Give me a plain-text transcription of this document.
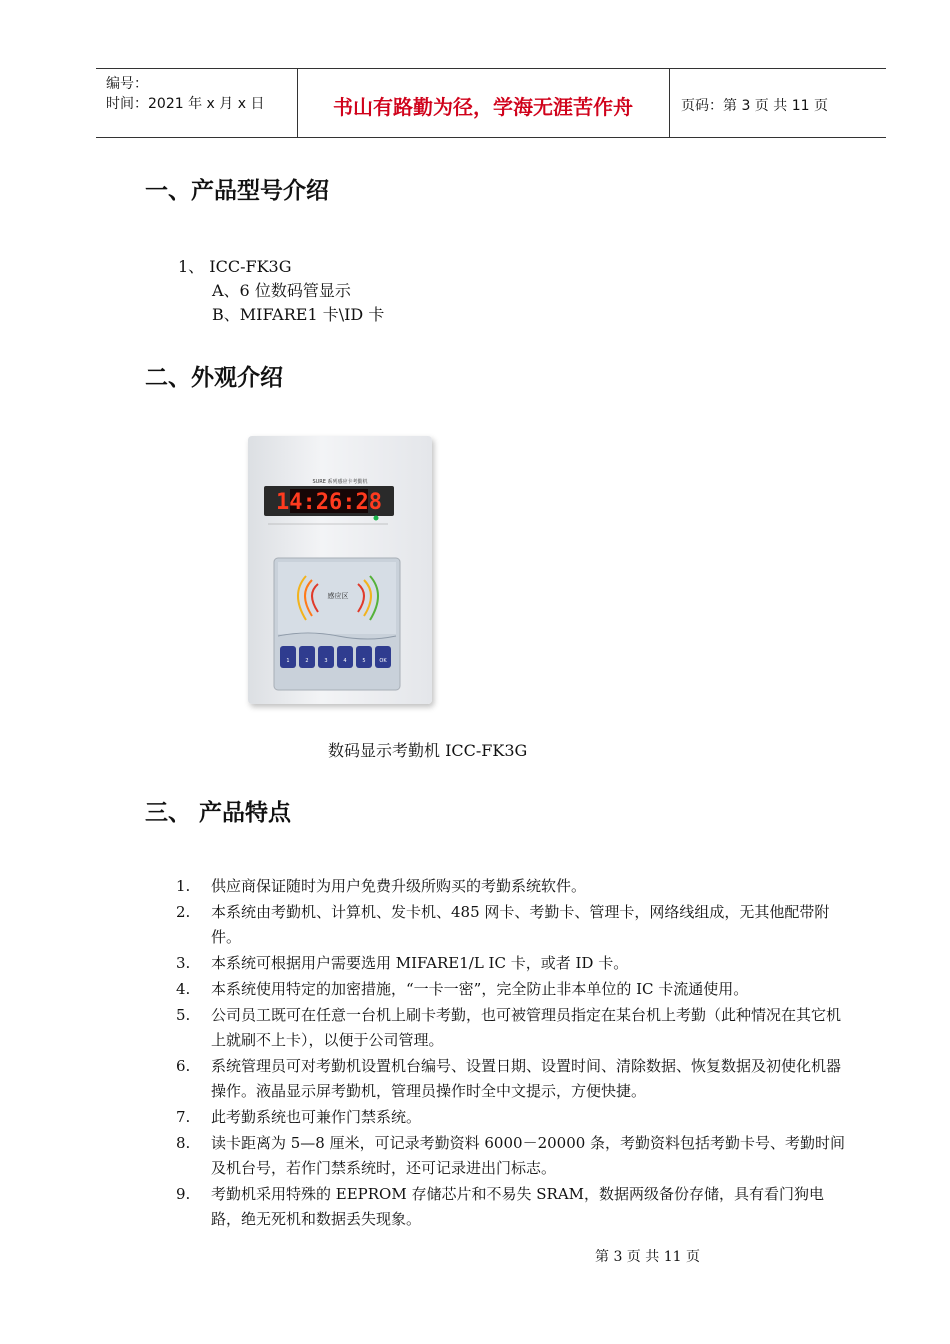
编号：
时间：2021 年 x 月 x 日	书山有路勤为径，学海无涯苦作舟	页码：第 3 页 共 11 页
一、产品型号介绍
1、 ICC-FK3G
A、6 位数码管显示
B、MIFARE1 卡\ID 卡
二、外观介绍
SURE 系列感应卡考勤机
14:26:28
感应区
1	2	3	4	5	OK
数码显示考勤机 ICC-FK3G
三、 产品特点
1. 供应商保证随时为用户免费升级所购买的考勤系统软件。
2. 本系统由考勤机、计算机、发卡机、485 网卡、考勤卡、管理卡，网络线组成，无其他配带附件。
3. 本系统可根据用户需要选用 MIFARE1/L IC 卡，或者 ID 卡。
4. 本系统使用特定的加密措施，“一卡一密”，完全防止非本单位的 IC 卡流通使用。
5. 公司员工既可在任意一台机上刷卡考勤，也可被管理员指定在某台机上考勤（此种情况在其它机上就刷不上卡），以便于公司管理。
6. 系统管理员可对考勤机设置机台编号、设置日期、设置时间、清除数据、恢复数据及初使化机器操作。液晶显示屏考勤机，管理员操作时全中文提示，方便快捷。
7. 此考勤系统也可兼作门禁系统。
8. 读卡距离为 5—8 厘米，可记录考勤资料 6000－20000 条，考勤资料包括考勤卡号、考勤时间及机台号，若作门禁系统时，还可记录进出门标志。
9. 考勤机采用特殊的 EEPROM 存储芯片和不易失 SRAM，数据两级备份存储，具有看门狗电路，绝无死机和数据丢失现象。
第 3 页 共 11 页
